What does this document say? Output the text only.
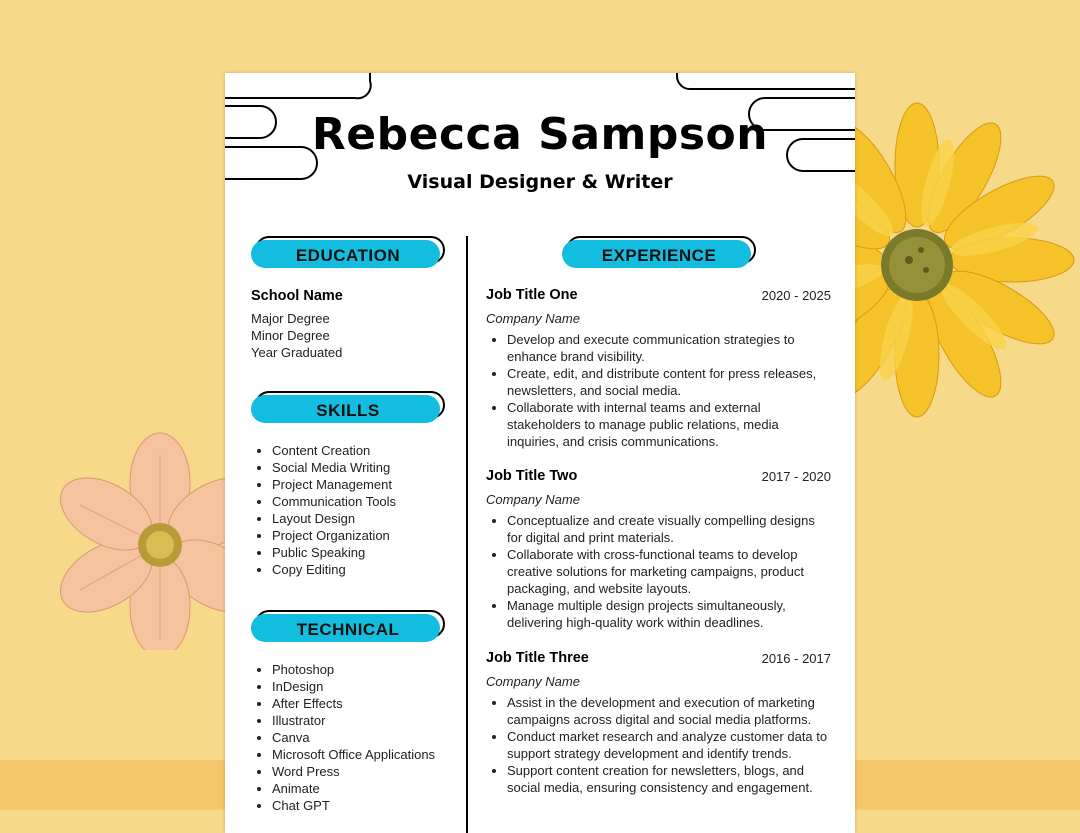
Rebecca Sampson
Visual Designer & Writer
EDUCATION
School Name
Major Degree
Minor Degree
Year Graduated
SKILLS
• Content Creation
• Social Media Writing
• Project Management
• Communication Tools
• Layout Design
• Project Organization
• Public Speaking
• Copy Editing
TECHNICAL
• Photoshop
• InDesign
• After Effects
• Illustrator
• Canva
• Microsoft Office Applications
• Word Press
• Animate
• Chat GPT
EXPERIENCE
Job Title One	2020 - 2025
Company Name
• Develop and execute communication strategies to enhance brand visibility.
• Create, edit, and distribute content for press releases, newsletters, and social media.
• Collaborate with internal teams and external stakeholders to manage public relations, media inquiries, and crisis communications.
Job Title Two	2017 - 2020
Company Name
• Conceptualize and create visually compelling designs for digital and print materials.
• Collaborate with cross-functional teams to develop creative solutions for marketing campaigns, product packaging, and website layouts.
• Manage multiple design projects simultaneously, delivering high-quality work within deadlines.
Job Title Three	2016 - 2017
Company Name
• Assist in the development and execution of marketing campaigns across digital and social media platforms.
• Conduct market research and analyze customer data to support strategy development and identify trends.
• Support content creation for newsletters, blogs, and social media, ensuring consistency and engagement.
